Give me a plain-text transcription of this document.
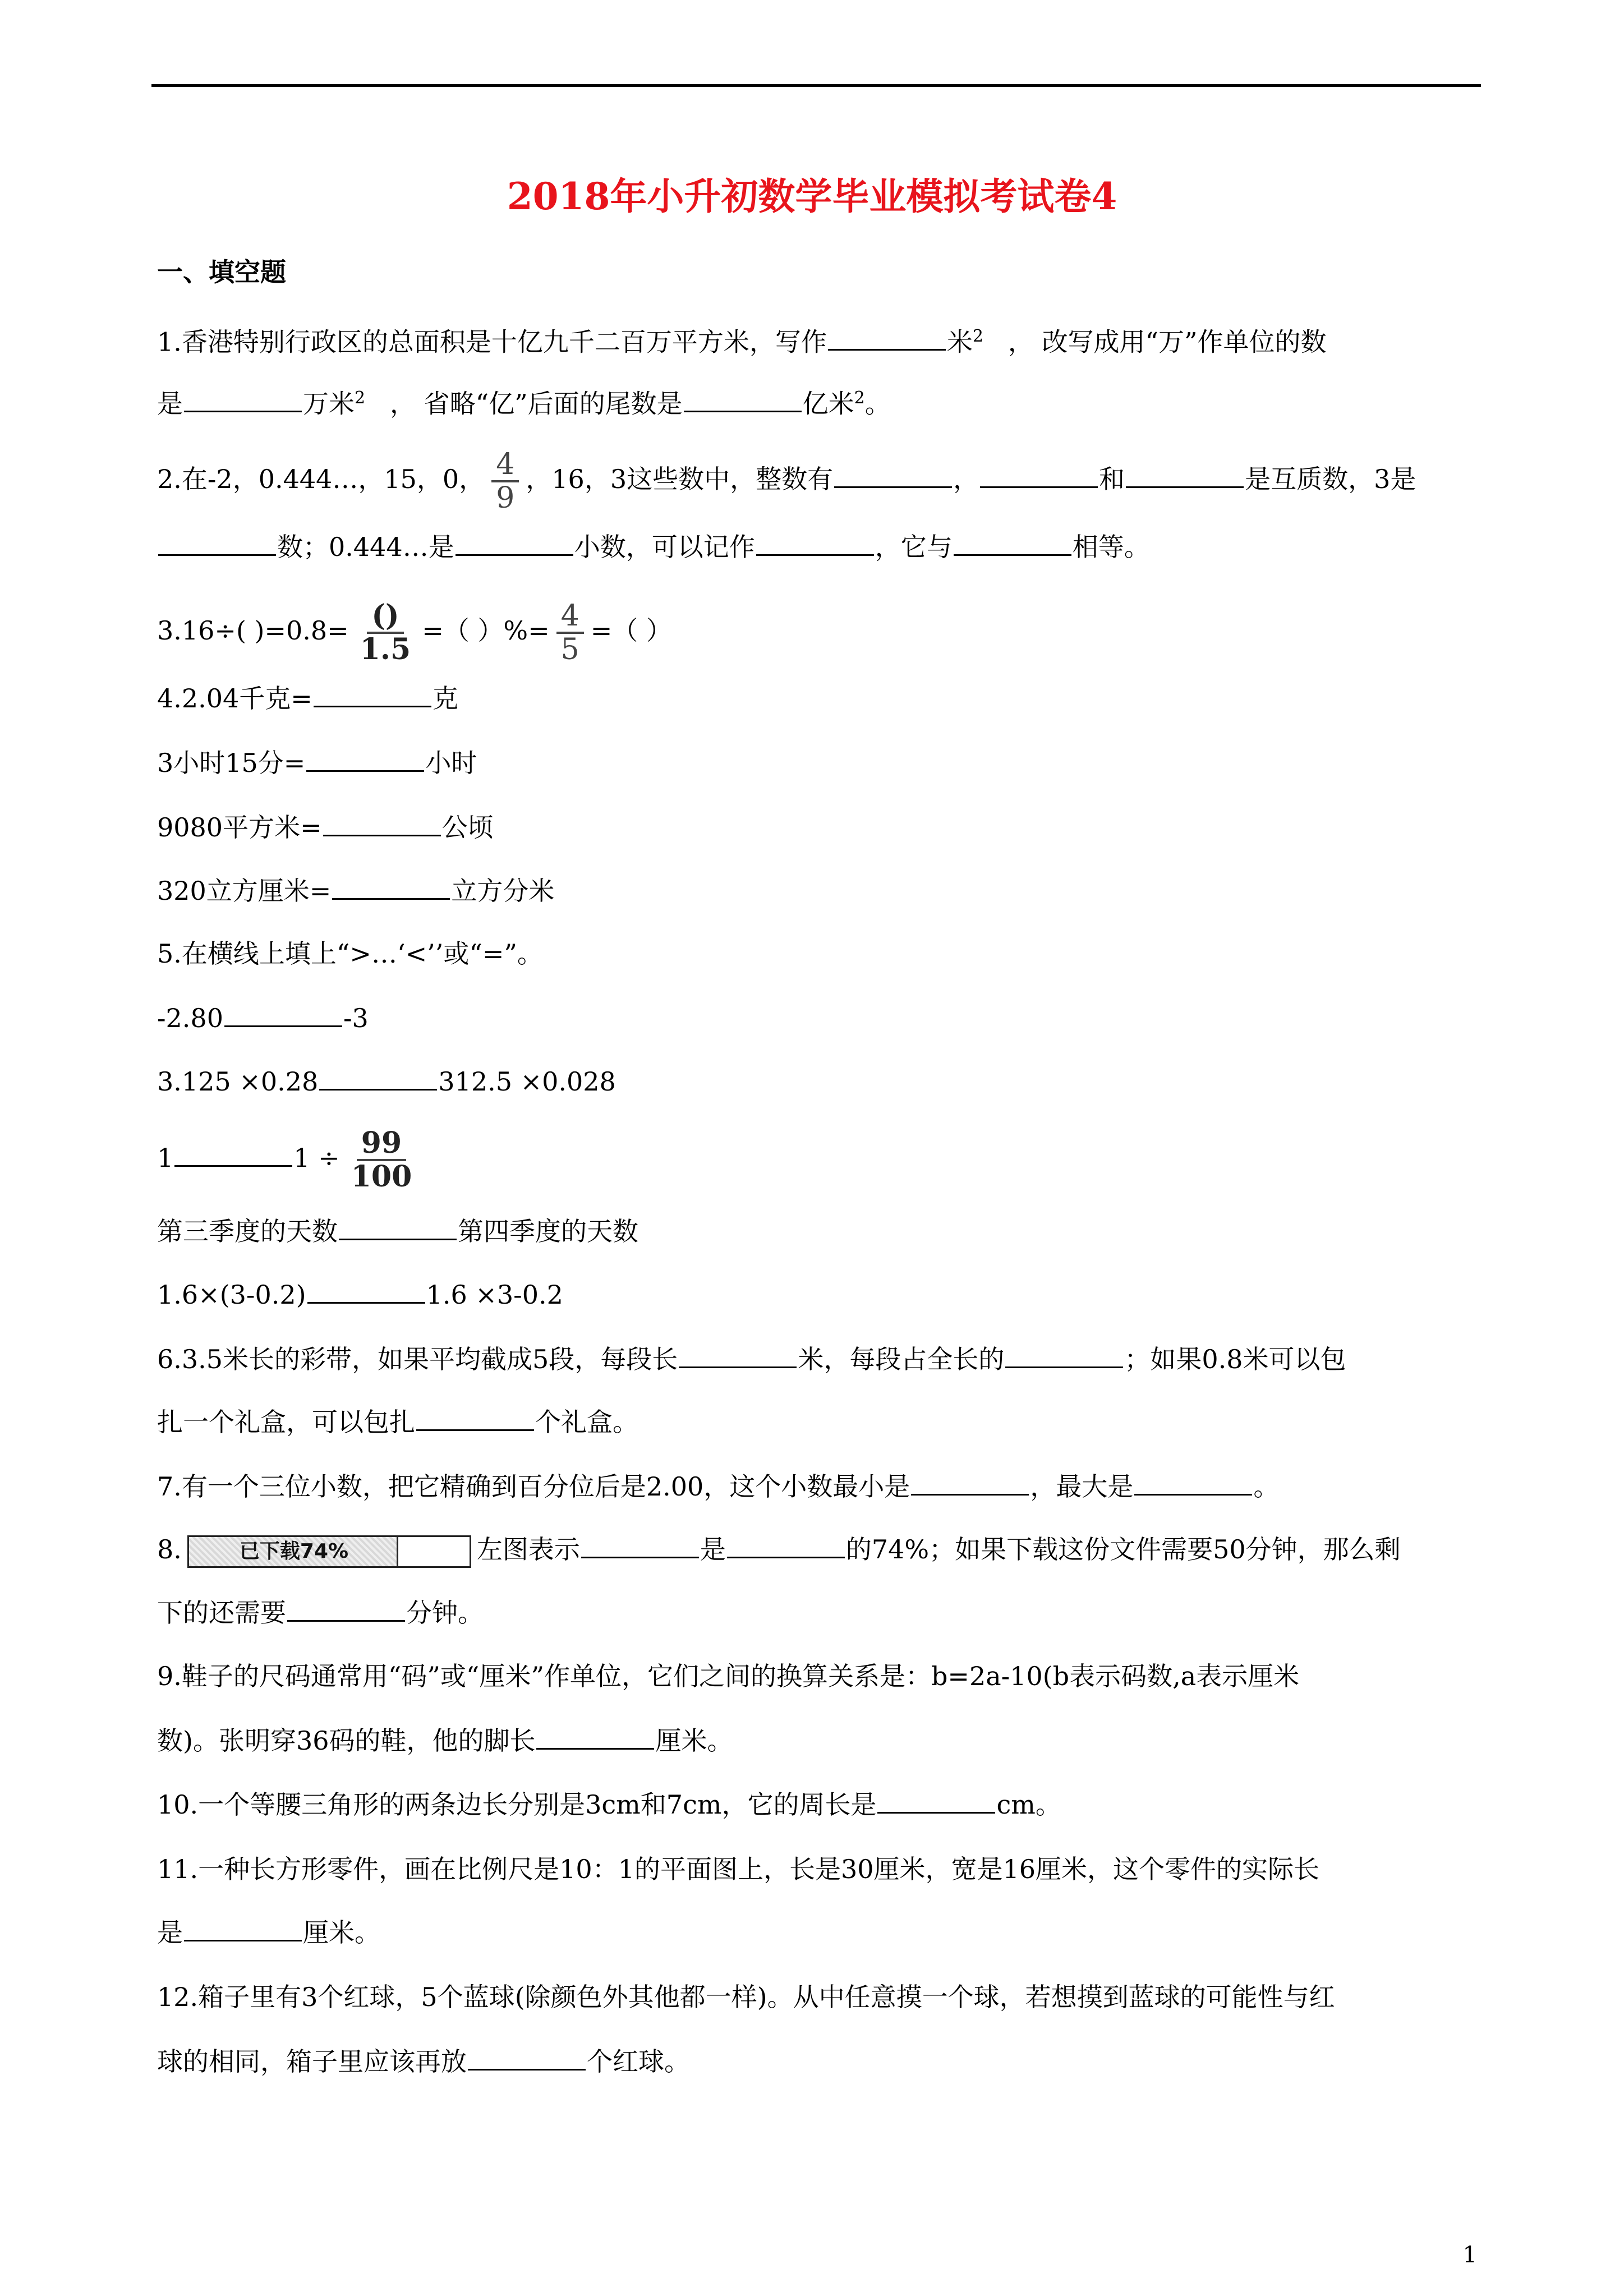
2018年小升初数学毕业模拟考试卷4
一、填空题
1.香港特别行政区的总面积是十亿九千二百万平方米，写作	米$^2$ ， 改写成用“万”作单位的数
是	万米$^2$ ， 省略“亿”后面的尾数是	亿米$^2$。
2.在-2，0.444…，15，0， $\frac{4}{9}$ ，16，3这些数中，整数有	，	和	是互质数，3是
数；0.444…是	小数，可以记作	，它与	相等。
3.16÷( )$=0.8= \frac{()}{1.5}$ =（ ）%= $\frac{4}{5}$ =（ ）
4.2.04千克=	克
3小时15分=	小时
9080平方米=	公顷
320立方厘米=	立方分米
5.在横线上填上“>…‘<’’或“=”。
-2.80	-3
3.125 ×0.28	312.5 ×0.028
1	$1 \div \frac{99}{100}$
第三季度的天数	第四季度的天数
1.6×(3-0.2)	1.6 ×3-0.2
6.3.5米长的彩带，如果平均截成5段，每段长	米，每段占全长的	；如果0.8米可以包
扎一个礼盒，可以包扎	个礼盒。
7.有一个三位小数，把它精确到百分位后是2.00，这个小数最小是	，最大是	。
8.	已下载74%	左图表示	是	的74%；如果下载这份文件需要50分钟，那么剩
下的还需要	分钟。
9.鞋子的尺码通常用“码”或“厘米”作单位，它们之间的换算关系是：b=2a-10(b表示码数,a表示厘米
数)。张明穿36码的鞋，他的脚长	厘米。
10.一个等腰三角形的两条边长分别是3cm和7cm，它的周长是	cm。
11.一种长方形零件，画在比例尺是10：1的平面图上，长是30厘米，宽是16厘米，这个零件的实际长
是	厘米。
12.箱子里有3个红球，5个蓝球(除颜色外其他都一样)。从中任意摸一个球，若想摸到蓝球的可能性与红
球的相同，箱子里应该再放	个红球。
1
